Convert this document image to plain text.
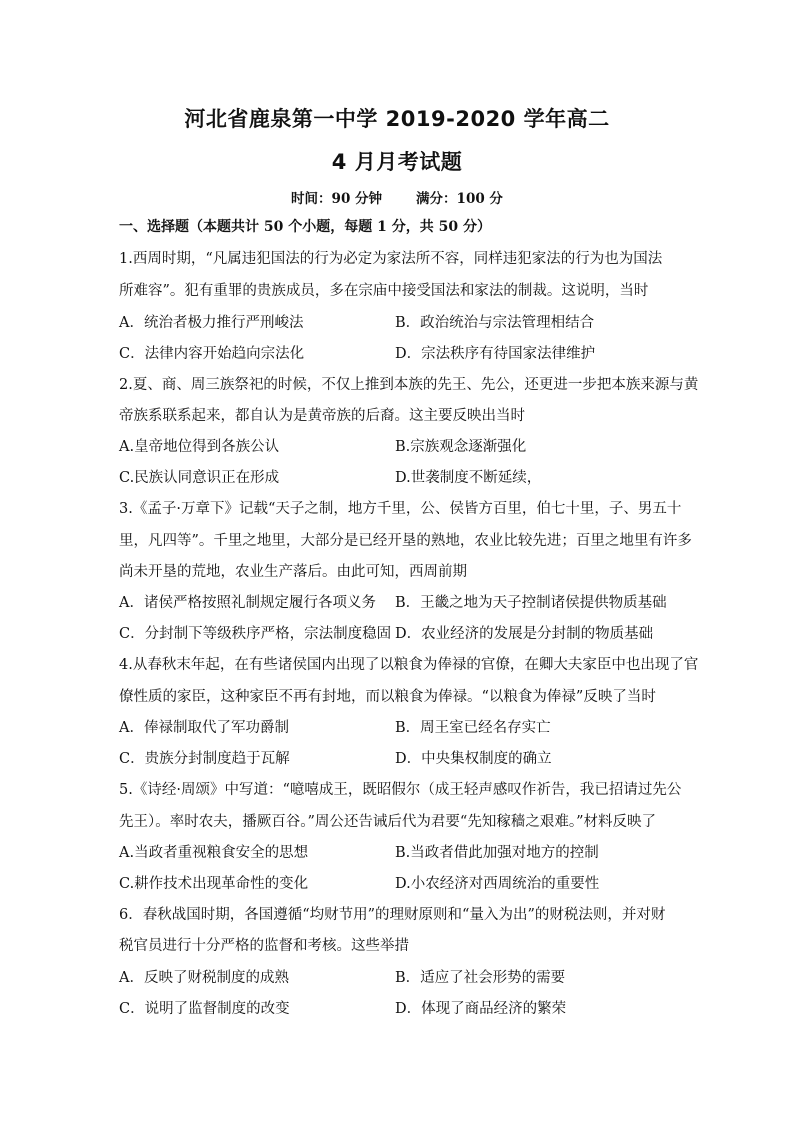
河北省鹿泉第一中学 2019-2020 学年高二
4 月月考试题
时间：90 分钟	满分：100 分
一、选择题（本题共计 50 个小题，每题 1 分，共 50 分）
1.西周时期，“凡属违犯国法的行为必定为家法所不容，同样违犯家法的行为也为国法
所难容”。犯有重罪的贵族成员，多在宗庙中接受国法和家法的制裁。这说明，当时
A．统治者极力推行严刑峻法	B．政治统治与宗法管理相结合
C．法律内容开始趋向宗法化	D．宗法秩序有待国家法律维护
2.夏、商、周三族祭祀的时候，不仅上推到本族的先王、先公，还更进一步把本族来源与黄
帝族系联系起来，都自认为是黄帝族的后裔。这主要反映出当时
A.皇帝地位得到各族公认	B.宗族观念逐渐强化
C.民族认同意识正在形成	D.世袭制度不断延续，
3.《孟子·万章下》记载“天子之制，地方千里，公、侯皆方百里，伯七十里，子、男五十
里，凡四等”。千里之地里，大部分是已经开垦的熟地，农业比较先进；百里之地里有许多
尚未开垦的荒地，农业生产落后。由此可知，西周前期
A．诸侯严格按照礼制规定履行各项义务 B．王畿之地为天子控制诸侯提供物质基础
C．分封制下等级秩序严格，宗法制度稳固 D．农业经济的发展是分封制的物质基础
4.从春秋末年起，在有些诸侯国内出现了以粮食为俸禄的官僚，在卿大夫家臣中也出现了官
僚性质的家臣，这种家臣不再有封地，而以粮食为俸禄。“以粮食为俸禄”反映了当时
A．俸禄制取代了军功爵制	B．周王室已经名存实亡
C．贵族分封制度趋于瓦解	D．中央集权制度的确立
5.《诗经·周颂》中写道：“噫嘻成王，既昭假尔（成王轻声感叹作祈告，我已招请过先公
先王）。率时农夫，播厥百谷。”周公还告诫后代为君要“先知稼穑之艰难。”材料反映了
A.当政者重视粮食安全的思想	B.当政者借此加强对地方的控制
C.耕作技术出现革命性的变化	D.小农经济对西周统治的重要性
6．春秋战国时期，各国遵循“均财节用”的理财原则和“量入为出”的财税法则，并对财
税官员进行十分严格的监督和考核。这些举措
A．反映了财税制度的成熟	B．适应了社会形势的需要
C．说明了监督制度的改变	D．体现了商品经济的繁荣
